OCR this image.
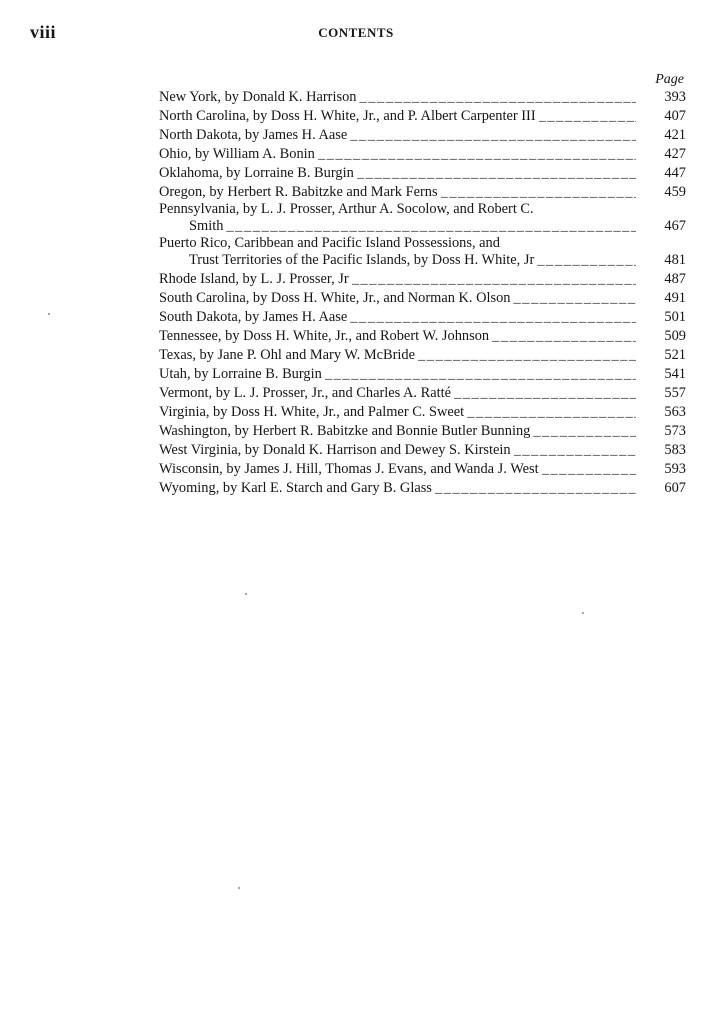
viii	CONTENTS
Page
New York, by Donald K. Harrison _____	393
North Carolina, by Doss H. White, Jr., and P. Albert Carpenter III _____	407
North Dakota, by James H. Aase _____	421
Ohio, by William A. Bonin _____	427
Oklahoma, by Lorraine B. Burgin _____	447
Oregon, by Herbert R. Babitzke and Mark Ferns _____	459
Pennsylvania, by L. J. Prosser, Arthur A. Socolow, and Robert C.
Smith _____	467
Puerto Rico, Caribbean and Pacific Island Possessions, and
Trust Territories of the Pacific Islands, by Doss H. White, Jr _____	481
Rhode Island, by L. J. Prosser, Jr _____	487
South Carolina, by Doss H. White, Jr., and Norman K. Olson _____	491
South Dakota, by James H. Aase _____	501
Tennessee, by Doss H. White, Jr., and Robert W. Johnson _____	509
Texas, by Jane P. Ohl and Mary W. McBride _____	521
Utah, by Lorraine B. Burgin _____	541
Vermont, by L. J. Prosser, Jr., and Charles A. Ratté _____	557
Virginia, by Doss H. White, Jr., and Palmer C. Sweet _____	563
Washington, by Herbert R. Babitzke and Bonnie Butler Bunning _____	573
West Virginia, by Donald K. Harrison and Dewey S. Kirstein _____	583
Wisconsin, by James J. Hill, Thomas J. Evans, and Wanda J. West _____	593
Wyoming, by Karl E. Starch and Gary B. Glass _____	607
